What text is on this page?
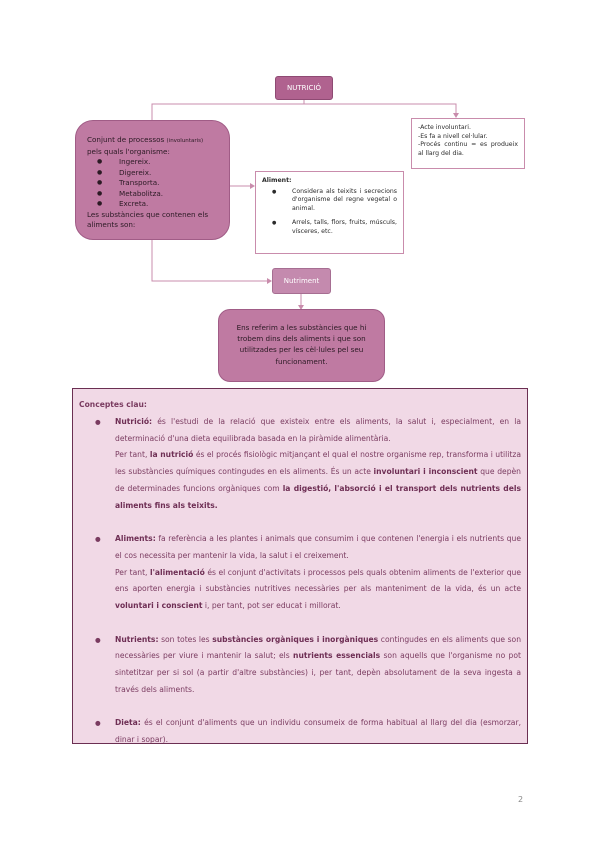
NUTRICIÓ
Conjunt de processos (involuntaris)
pels quals l'organisme:
● Ingereix.
● Digereix.
● Transporta.
● Metabolitza.
● Excreta.
Les substàncies que contenen els aliments son:
-Acte involuntari.
-Es fa a nivell cel·lular.
-Procés continu = es produeix al llarg del dia.
Aliment:
● Considera als teixits i secrecions d'organisme del regne vegetal o animal.
● Arrels, talls, flors, fruits, músculs, vísceres, etc.
Nutriment
Ens referim a les substàncies que hi trobem dins dels aliments i que son utilitzades per les cèl·lules pel seu funcionament.
Conceptes clau:
● Nutrició: és l'estudi de la relació que existeix entre els aliments, la salut i, especialment, en la determinació d'una dieta equilibrada basada en la piràmide alimentària.
Per tant, la nutrició és el procés fisiològic mitjançant el qual el nostre organisme rep, transforma i utilitza les substàncies químiques contingudes en els aliments. És un acte involuntari i inconscient que depèn de determinades funcions orgàniques com la digestió, l'absorció i el transport dels nutrients dels aliments fins als teixits.
● Aliments: fa referència a les plantes i animals que consumim i que contenen l'energia i els nutrients que el cos necessita per mantenir la vida, la salut i el creixement.
Per tant, l'alimentació és el conjunt d'activitats i processos pels quals obtenim aliments de l'exterior que ens aporten energia i substàncies nutritives necessàries per als manteniment de la vida, és un acte voluntari i conscient i, per tant, pot ser educat i millorat.
● Nutrients: son totes les substàncies orgàniques i inorgàniques contingudes en els aliments que son necessàries per viure i mantenir la salut; els nutrients essencials son aquells que l'organisme no pot sintetitzar per si sol (a partir d'altre substàncies) i, per tant, depèn absolutament de la seva ingesta a través dels aliments.
● Dieta: és el conjunt d'aliments que un individu consumeix de forma habitual al llarg del dia (esmorzar, dinar i sopar).
2
